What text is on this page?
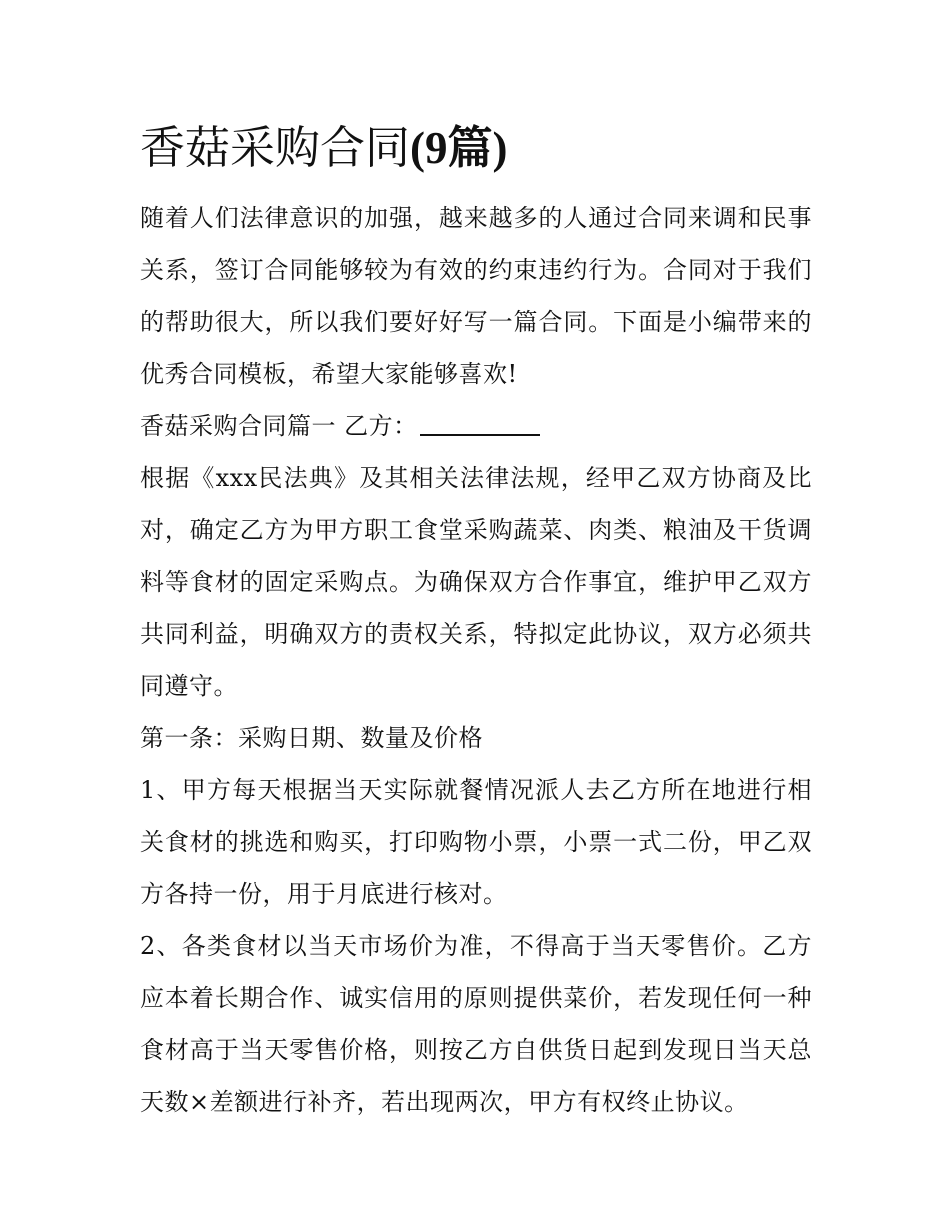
香菇采购合同(9篇)

随着人们法律意识的加强，越来越多的人通过合同来调和民事关系，签订合同能够较为有效的约束违约行为。合同对于我们的帮助很大，所以我们要好好写一篇合同。下面是小编带来的优秀合同模板，希望大家能够喜欢!

香菇采购合同篇一 乙方：

根据《xxx民法典》及其相关法律法规，经甲乙双方协商及比对，确定乙方为甲方职工食堂采购蔬菜、肉类、粮油及干货调料等食材的固定采购点。为确保双方合作事宜，维护甲乙双方共同利益，明确双方的责权关系，特拟定此协议，双方必须共同遵守。

第一条：采购日期、数量及价格

1、甲方每天根据当天实际就餐情况派人去乙方所在地进行相关食材的挑选和购买，打印购物小票，小票一式二份，甲乙双方各持一份，用于月底进行核对。

2、各类食材以当天市场价为准，不得高于当天零售价。乙方应本着长期合作、诚实信用的原则提供菜价，若发现任何一种食材高于当天零售价格，则按乙方自供货日起到发现日当天总天数×差额进行补齐，若出现两次，甲方有权终止协议。
